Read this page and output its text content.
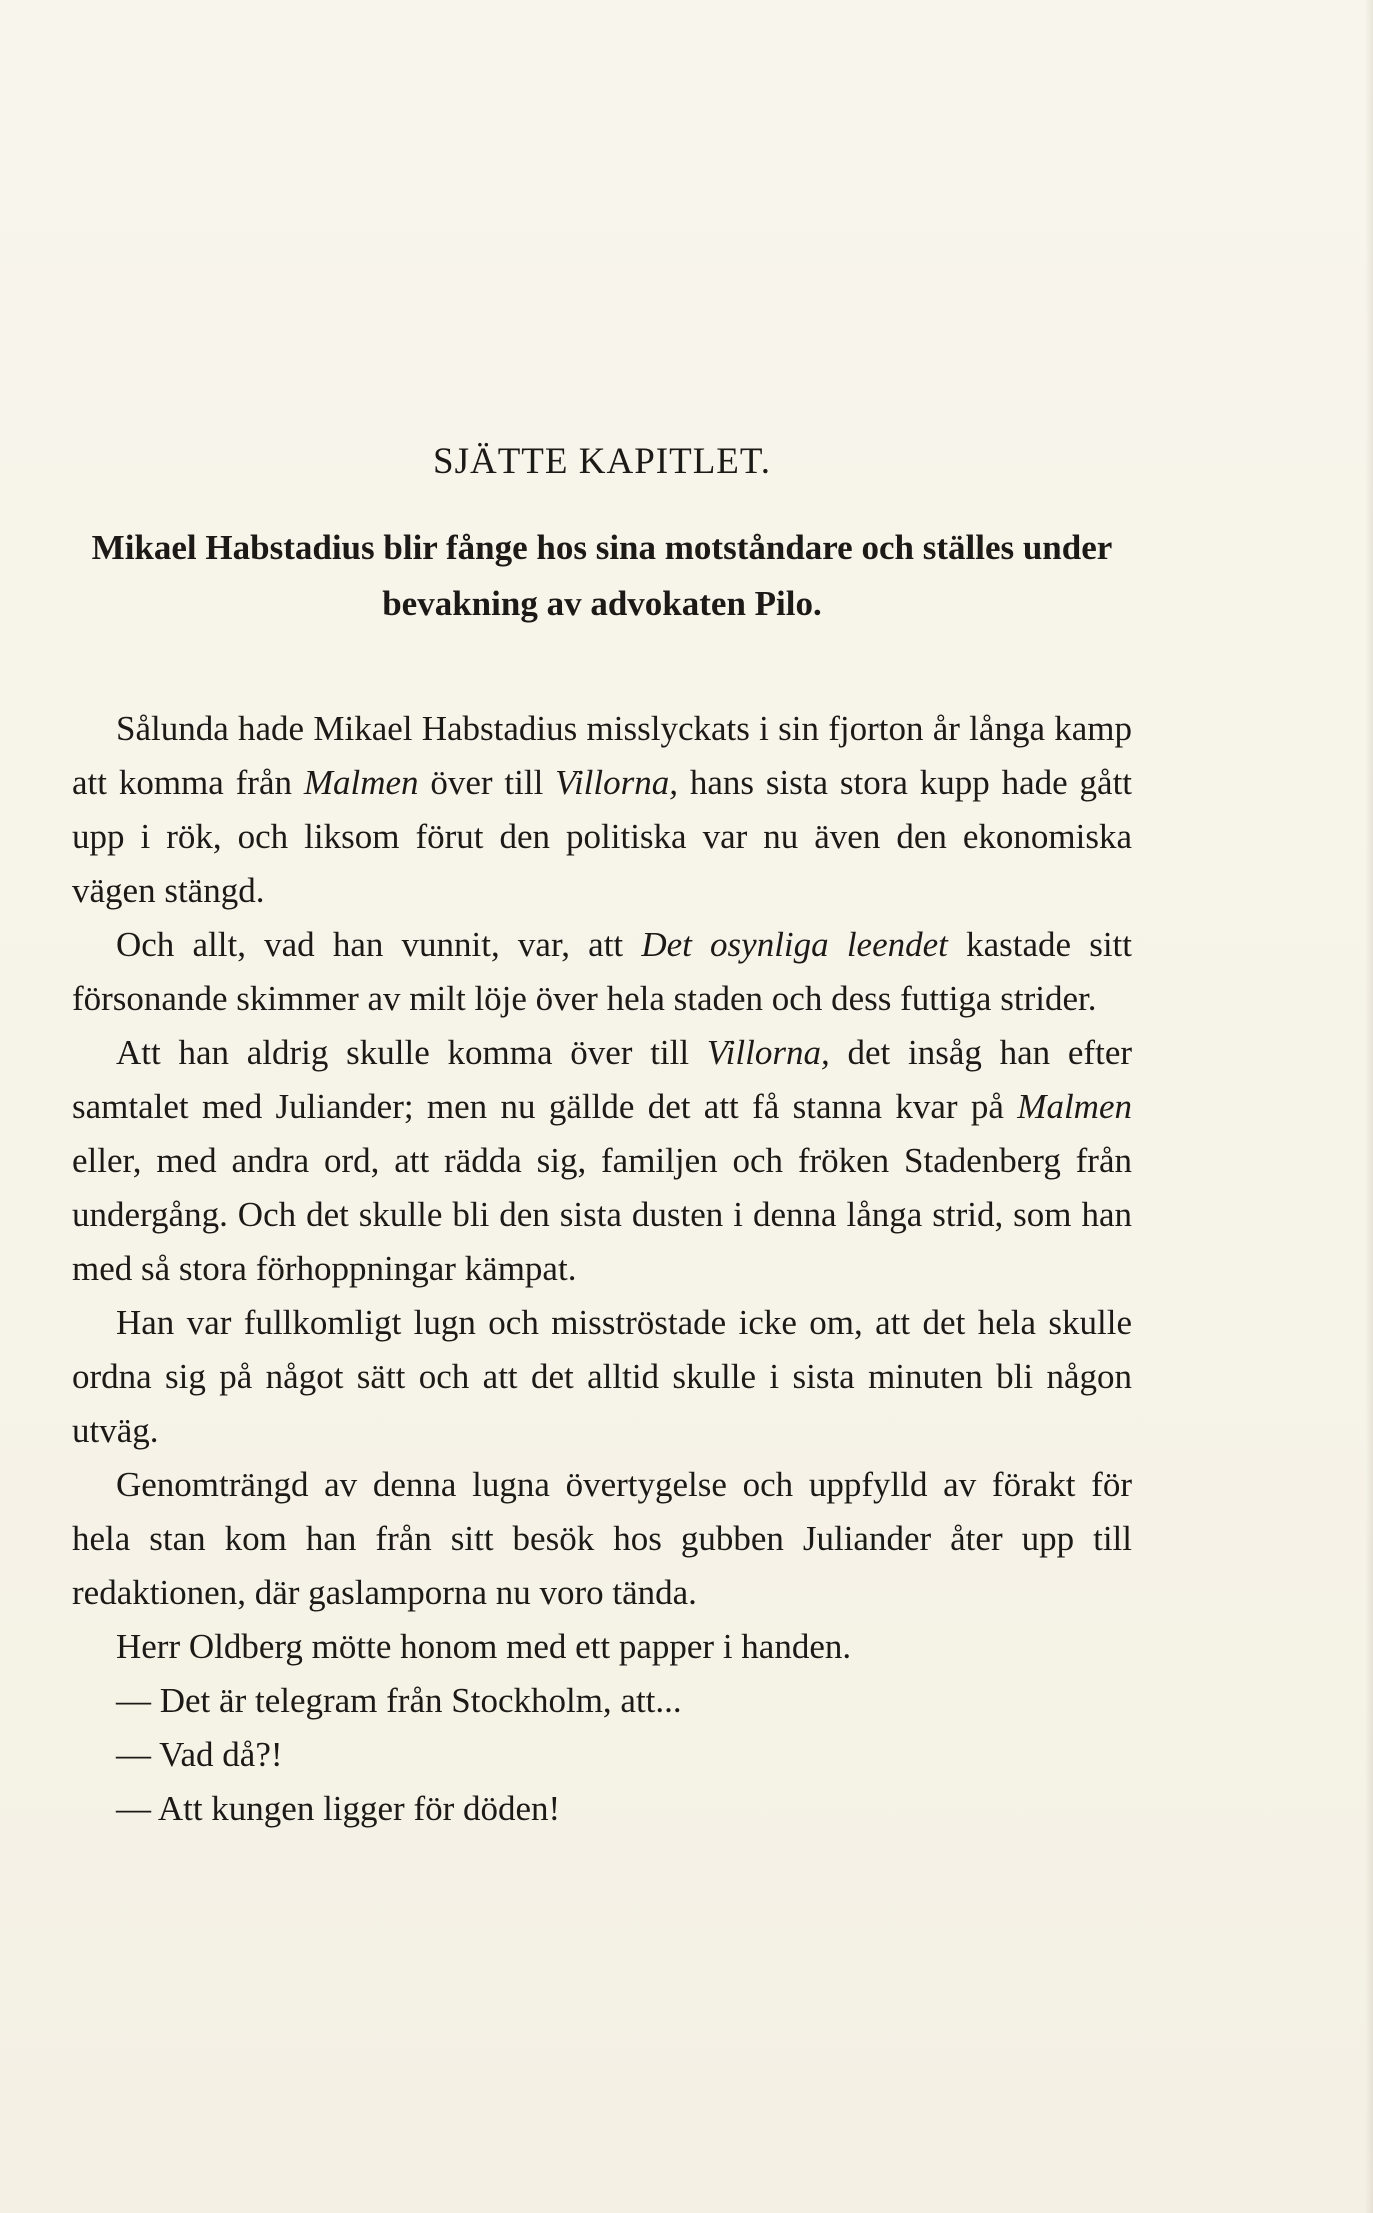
SJÄTTE KAPITLET.

Mikael Habstadius blir fånge hos sina motståndare och ställes under bevakning av advokaten Pilo.

Sålunda hade Mikael Habstadius misslyckats i sin fjorton år långa kamp att komma från Malmen över till Villorna, hans sista stora kupp hade gått upp i rök, och liksom förut den politiska var nu även den ekonomiska vägen stängd.

Och allt, vad han vunnit, var, att Det osynliga leendet kastade sitt försonande skimmer av milt löje över hela staden och dess futtiga strider.

Att han aldrig skulle komma över till Villorna, det insåg han efter samtalet med Juliander; men nu gällde det att få stanna kvar på Malmen eller, med andra ord, att rädda sig, familjen och fröken Stadenberg från undergång. Och det skulle bli den sista dusten i denna långa strid, som han med så stora förhoppningar kämpat.

Han var fullkomligt lugn och misströstade icke om, att det hela skulle ordna sig på något sätt och att det alltid skulle i sista minuten bli någon utväg.

Genomträngd av denna lugna övertygelse och uppfylld av förakt för hela stan kom han från sitt besök hos gubben Juliander åter upp till redaktionen, där gaslamporna nu voro tända.

Herr Oldberg mötte honom med ett papper i handen.

— Det är telegram från Stockholm, att...

— Vad då?!

— Att kungen ligger för döden!
